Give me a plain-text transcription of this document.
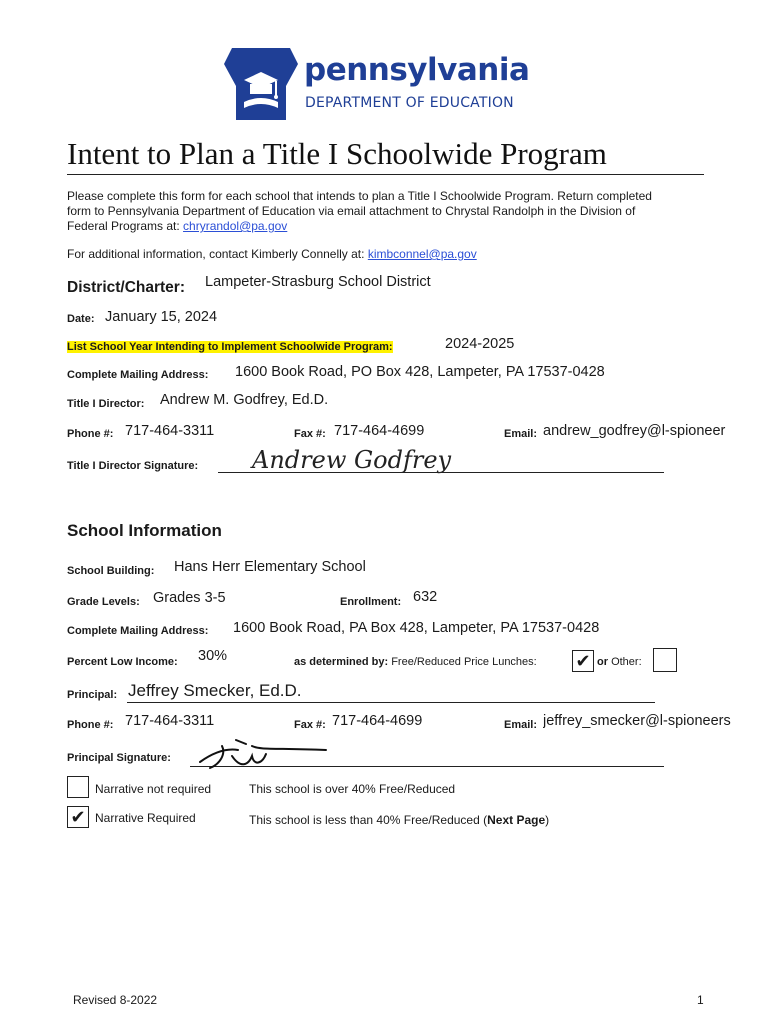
pennsylvania
DEPARTMENT OF EDUCATION
Intent to Plan a Title I Schoolwide Program
Please complete this form for each school that intends to plan a Title I Schoolwide Program. Return completed
form to Pennsylvania Department of Education via email attachment to Chrystal Randolph in the Division of
Federal Programs at: chryrandol@pa.gov
For additional information, contact Kimberly Connelly at: kimbconnel@pa.gov
District/Charter: Lampeter-Strasburg School District
Date: January 15, 2024
List School Year Intending to Implement Schoolwide Program:	2024-2025
Complete Mailing Address: 1600 Book Road, PO Box 428, Lampeter, PA 17537-0428
Title I Director: Andrew M. Godfrey, Ed.D.
Phone #: 717-464-3311	Fax #: 717-464-4699	Email: andrew_godfrey@l-spioneer
Title I Director Signature: Andrew Godfrey
School Information
School Building: Hans Herr Elementary School
Grade Levels: Grades 3-5	Enrollment: 632
Complete Mailing Address: 1600 Book Road, PA Box 428, Lampeter, PA 17537-0428
Percent Low Income: 30%	as determined by: Free/Reduced Price Lunches: ✔ or Other:
Principal: Jeffrey Smecker, Ed.D.
Phone #: 717-464-3311	Fax #: 717-464-4699	Email: jeffrey_smecker@l-spioneers
Principal Signature:
Narrative not required	This school is over 40% Free/Reduced
✔ Narrative Required	This school is less than 40% Free/Reduced (Next Page)
Revised 8-2022	1
